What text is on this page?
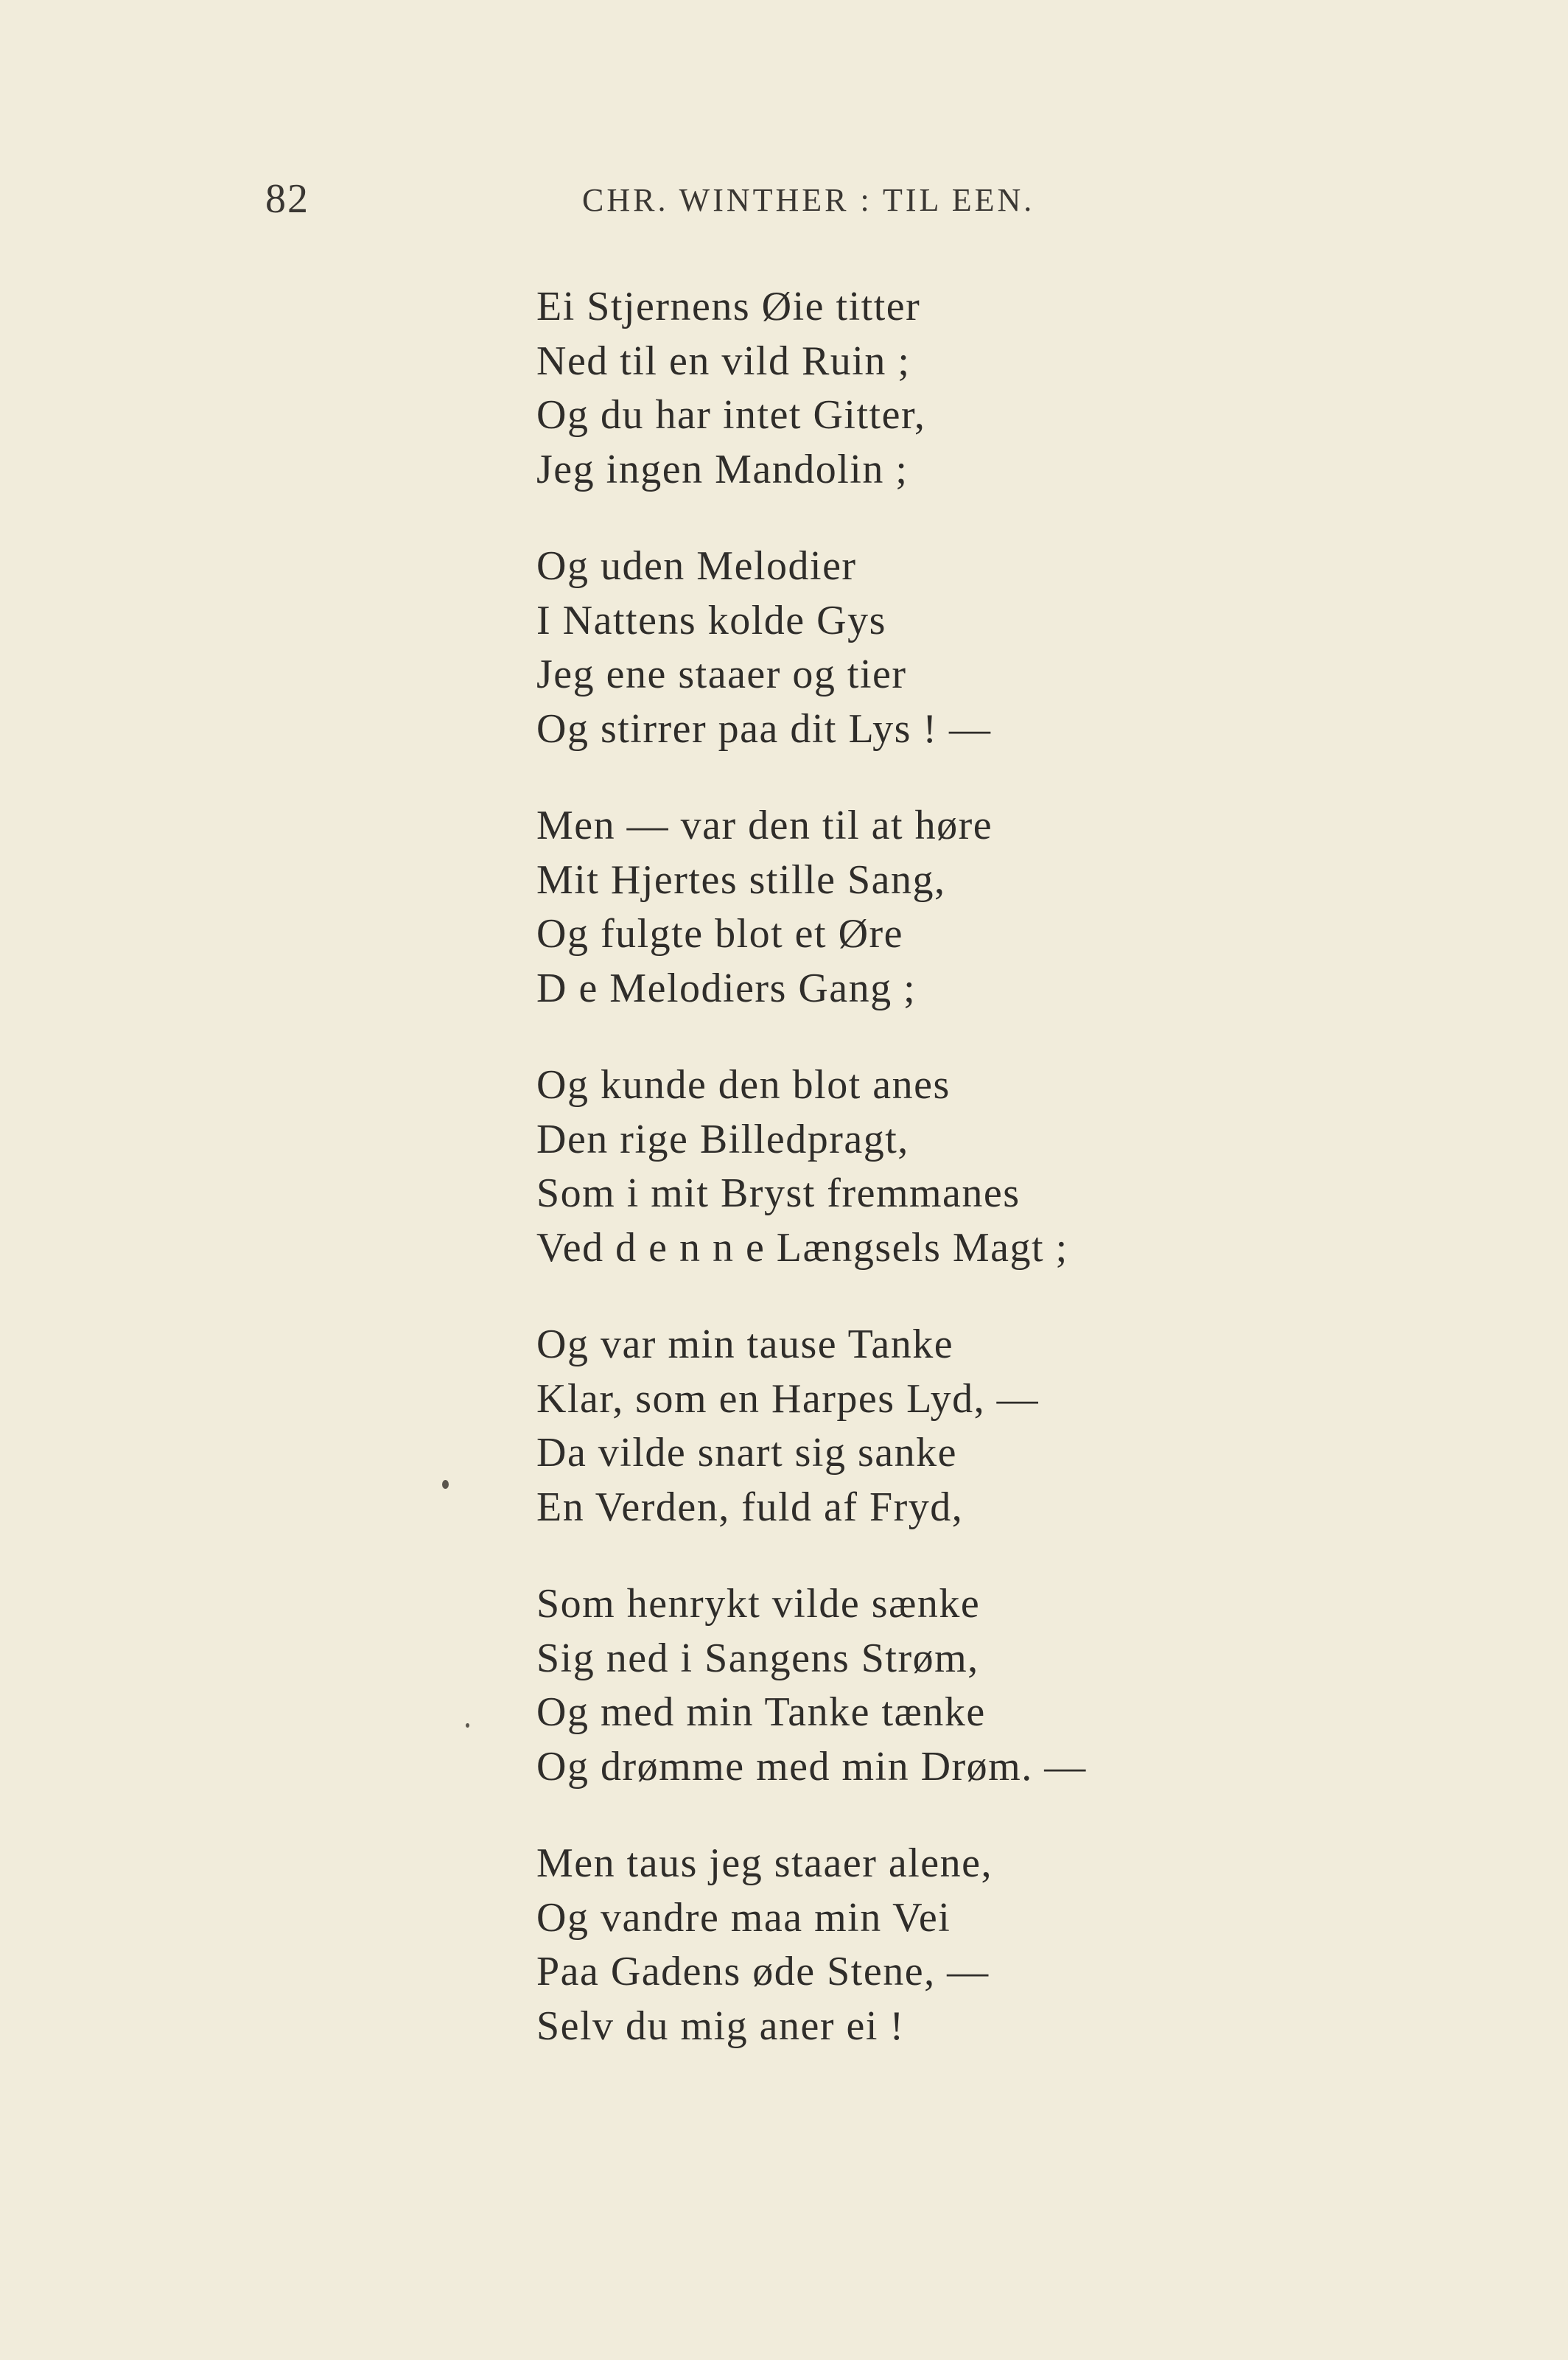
82	CHR. WINTHER : TIL EEN.
Ei Stjernens Øie titter
Ned til en vild Ruin ;
Og du har intet Gitter,
Jeg ingen Mandolin ;
Og uden Melodier
I Nattens kolde Gys
Jeg ene staaer og tier
Og stirrer paa dit Lys ! —
Men — var den til at høre
Mit Hjertes stille Sang,
Og fulgte blot et Øre
D e Melodiers Gang ;
Og kunde den blot anes
Den rige Billedpragt,
Som i mit Bryst fremmanes
Ved d e n n e Længsels Magt ;
Og var min tause Tanke
Klar, som en Harpes Lyd, —
Da vilde snart sig sanke
En Verden, fuld af Fryd,
Som henrykt vilde sænke
Sig ned i Sangens Strøm,
Og med min Tanke tænke
Og drømme med min Drøm. —
Men taus jeg staaer alene,
Og vandre maa min Vei
Paa Gadens øde Stene, —
Selv du mig aner ei !
